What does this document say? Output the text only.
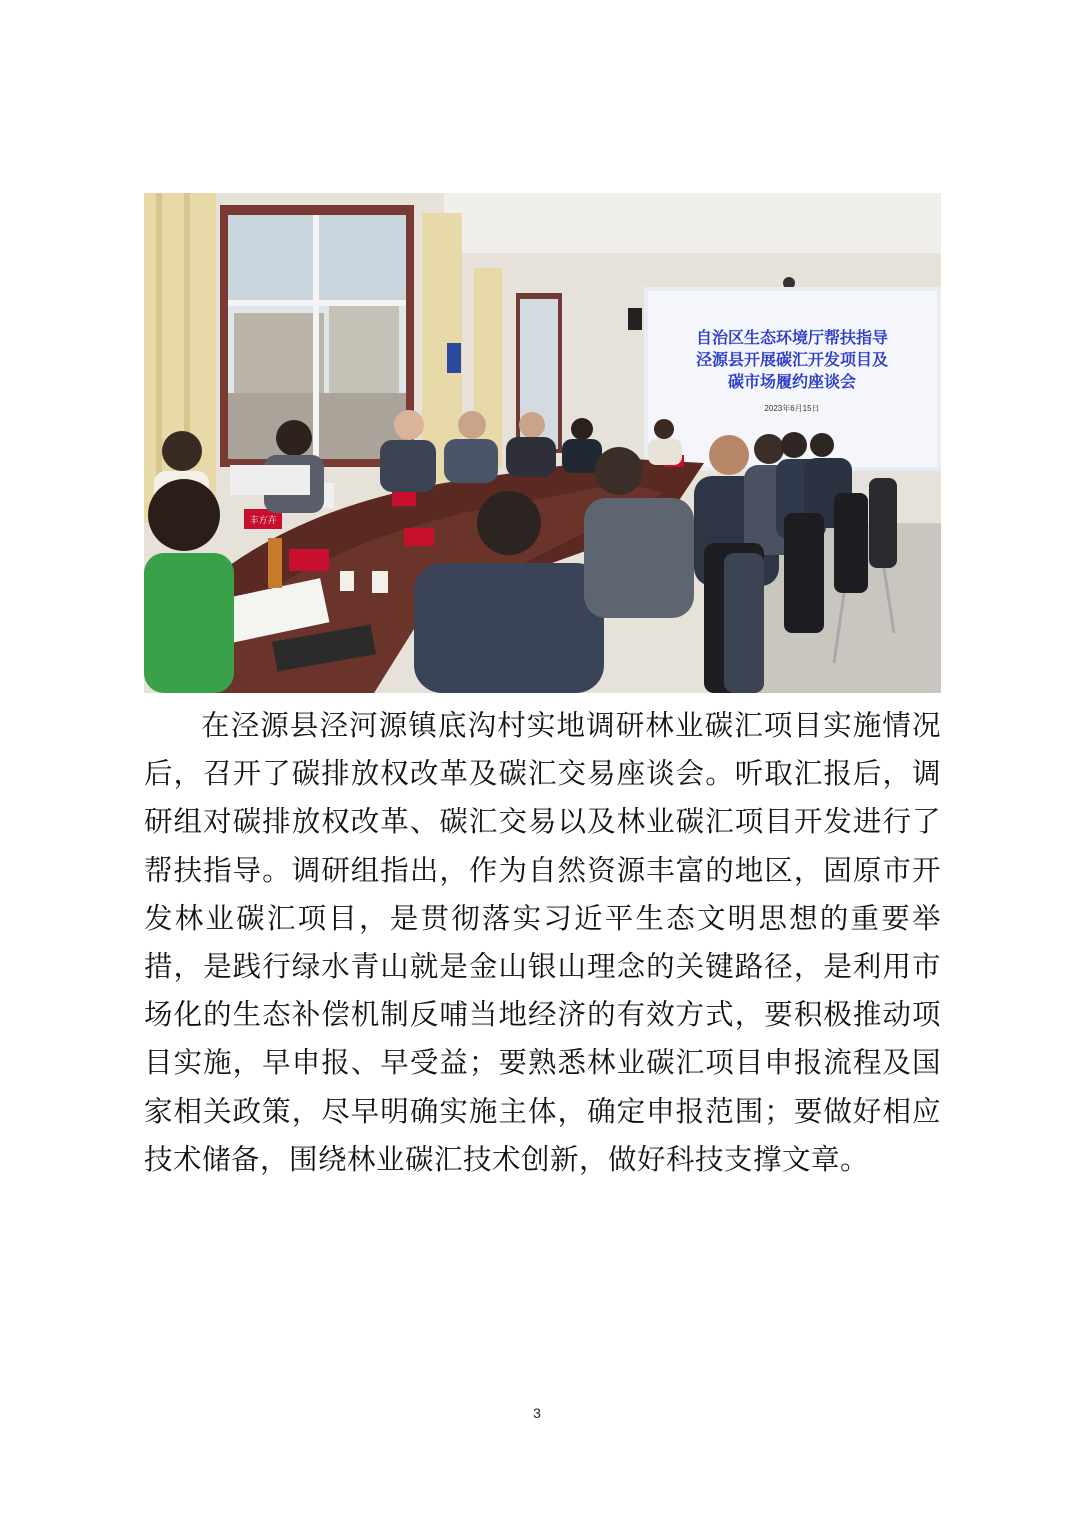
自治区生态环境厅帮扶指导
泾源县开展碳汇开发项目及
碳市场履约座谈会
2023年6月15日
丰方卉

在泾源县泾河源镇底沟村实地调研林业碳汇项目实施情况后，召开了碳排放权改革及碳汇交易座谈会。听取汇报后，调研组对碳排放权改革、碳汇交易以及林业碳汇项目开发进行了帮扶指导。调研组指出，作为自然资源丰富的地区，固原市开发林业碳汇项目，是贯彻落实习近平生态文明思想的重要举措，是践行绿水青山就是金山银山理念的关键路径，是利用市场化的生态补偿机制反哺当地经济的有效方式，要积极推动项目实施，早申报、早受益；要熟悉林业碳汇项目申报流程及国家相关政策，尽早明确实施主体，确定申报范围；要做好相应技术储备，围绕林业碳汇技术创新，做好科技支撑文章。

3
